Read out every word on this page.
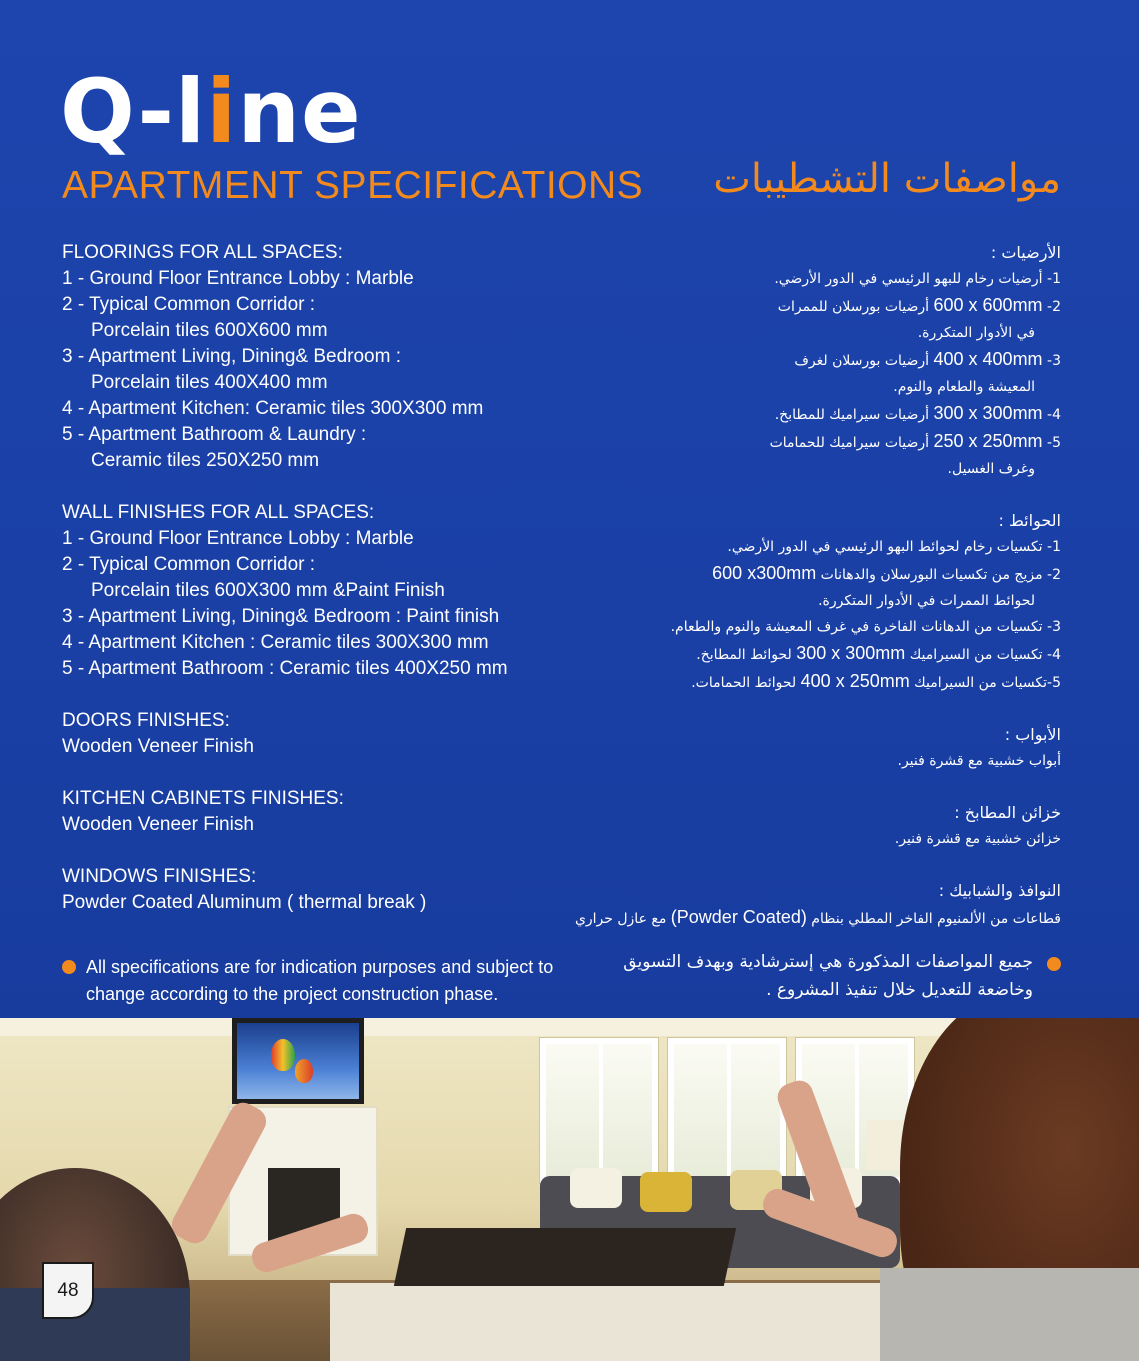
Q-line
APARTMENT SPECIFICATIONS مواصفات التشطيبات
FLOORINGS FOR ALL SPACES:
1 - Ground Floor Entrance Lobby : Marble
2 - Typical Common Corridor :
Porcelain tiles 600X600 mm
3 - Apartment Living, Dining& Bedroom :
Porcelain tiles 400X400 mm
4 - Apartment Kitchen: Ceramic tiles 300X300 mm
5 - Apartment Bathroom & Laundry :
Ceramic tiles 250X250 mm
WALL FINISHES FOR ALL SPACES:
1 - Ground Floor Entrance Lobby : Marble
2 - Typical Common Corridor :
Porcelain tiles 600X300 mm &Paint Finish
3 - Apartment Living, Dining& Bedroom : Paint finish
4 - Apartment Kitchen : Ceramic tiles 300X300 mm
5 - Apartment Bathroom : Ceramic tiles 400X250 mm
DOORS FINISHES:
Wooden Veneer Finish
KITCHEN CABINETS FINISHES:
Wooden Veneer Finish
WINDOWS FINISHES:
Powder Coated Aluminum ( thermal break )
الأرضيات :
1- أرضيات رخام للبهو الرئيسي في الدور الأرضي.
2- 600 x 600mm أرضيات بورسلان للممرات
في الأدوار المتكررة.
3- 400 x 400mm أرضيات بورسلان لغرف
المعيشة والطعام والنوم.
4- 300 x 300mm أرضيات سيراميك للمطابخ.
5- 250 x 250mm أرضيات سيراميك للحمامات
وغرف الغسيل.
الحوائط :
1- تكسيات رخام لحوائط البهو الرئيسي في الدور الأرضي.
2- مزيج من تكسيات البورسلان والدهانات 600 x300mm
لحوائط الممرات في الأدوار المتكررة.
3- تكسيات من الدهانات الفاخرة في غرف المعيشة والنوم والطعام.
4- تكسيات من السيراميك 300 x 300mm لحوائط المطابخ.
5-تكسيات من السيراميك 400 x 250mm لحوائط الحمامات.
الأبواب :
أبواب خشبية مع قشرة فنير.
خزائن المطابخ :
خزائن خشبية مع قشرة فنير.
النوافذ والشبابيك :
قطاعات من الألمنيوم الفاخر المطلي بنظام (Powder Coated) مع عازل حراري
All specifications are for indication purposes and subject to
change according to the project construction phase.
جميع المواصفات المذكورة هي إسترشادية وبهدف التسويق
وخاضعة للتعديل خلال تنفيذ المشروع .
48
